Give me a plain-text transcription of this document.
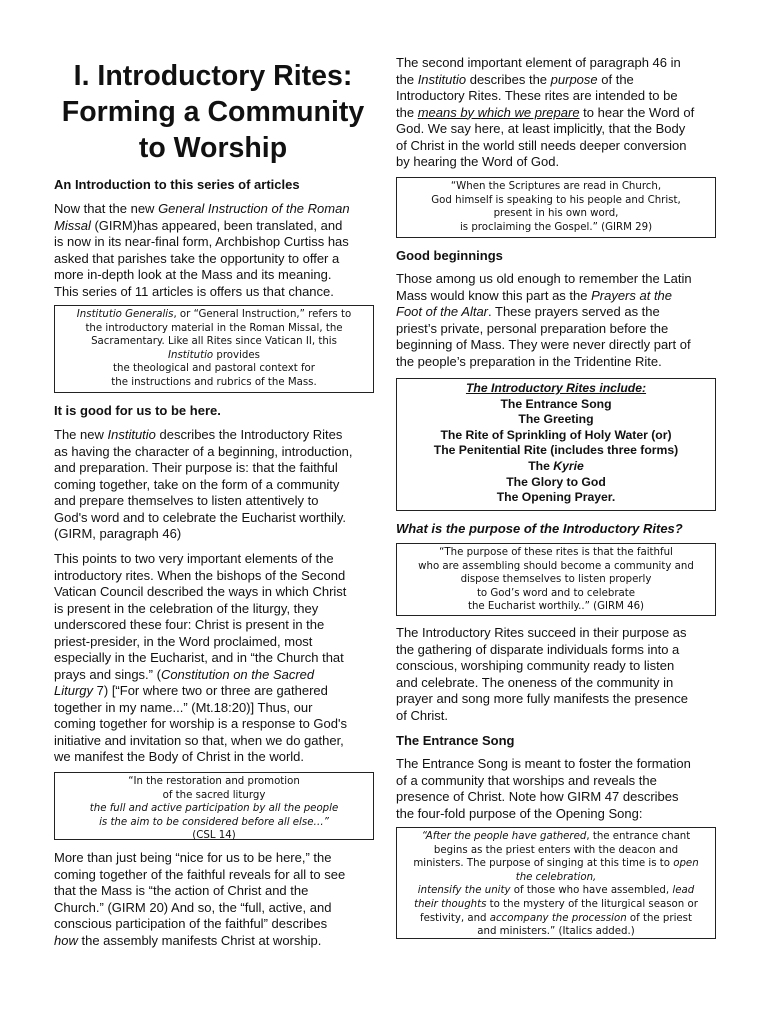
I. Introductory Rites:
Forming a Community
to Worship

An Introduction to this series of articles

Now that the new General Instruction of the Roman
Missal (GIRM)has appeared, been translated, and
is now in its near-final form, Archbishop Curtiss has
asked that parishes take the opportunity to offer a
more in-depth look at the Mass and its meaning.
This series of 11 articles is offers us that chance.

Institutio Generalis, or “General Instruction,” refers to
the introductory material in the Roman Missal, the
Sacramentary. Like all Rites since Vatican II, this
Institutio provides
the theological and pastoral context for
the instructions and rubrics of the Mass.

It is good for us to be here.

The new Institutio describes the Introductory Rites
as having the character of a beginning, introduction,
and preparation. Their purpose is: that the faithful
coming together, take on the form of a community
and prepare themselves to listen attentively to
God's word and to celebrate the Eucharist worthily.
(GIRM, paragraph 46)

This points to two very important elements of the
introductory rites. When the bishops of the Second
Vatican Council described the ways in which Christ
is present in the celebration of the liturgy, they
underscored these four: Christ is present in the
priest-presider, in the Word proclaimed, most
especially in the Eucharist, and in “the Church that
prays and sings.” (Constitution on the Sacred
Liturgy 7) [“For where two or three are gathered
together in my name...” (Mt.18:20)] Thus, our
coming together for worship is a response to God's
initiative and invitation so that, when we do gather,
we manifest the Body of Christ in the world.

“In the restoration and promotion
of the sacred liturgy
the full and active participation by all the people
is the aim to be considered before all else…”
(CSL 14)

More than just being “nice for us to be here,” the
coming together of the faithful reveals for all to see
that the Mass is “the action of Christ and the
Church.” (GIRM 20) And so, the “full, active, and
conscious participation of the faithful” describes
how the assembly manifests Christ at worship.

The second important element of paragraph 46 in
the Institutio describes the purpose of the
Introductory Rites. These rites are intended to be
the means by which we prepare to hear the Word of
God. We say here, at least implicitly, that the Body
of Christ in the world still needs deeper conversion
by hearing the Word of God.

“When the Scriptures are read in Church,
God himself is speaking to his people and Christ,
present in his own word,
is proclaiming the Gospel.” (GIRM 29)

Good beginnings

Those among us old enough to remember the Latin
Mass would know this part as the Prayers at the
Foot of the Altar. These prayers served as the
priest’s private, personal preparation before the
beginning of Mass. They were never directly part of
the people’s preparation in the Tridentine Rite.

The Introductory Rites include:
The Entrance Song
The Greeting
The Rite of Sprinkling of Holy Water (or)
The Penitential Rite (includes three forms)
The Kyrie
The Glory to God
The Opening Prayer.

What is the purpose of the Introductory Rites?

“The purpose of these rites is that the faithful
who are assembling should become a community and
dispose themselves to listen properly
to God’s word and to celebrate
the Eucharist worthily..” (GIRM 46)

The Introductory Rites succeed in their purpose as
the gathering of disparate individuals forms into a
conscious, worshiping community ready to listen
and celebrate. The oneness of the community in
prayer and song more fully manifests the presence
of Christ.

The Entrance Song

The Entrance Song is meant to foster the formation
of a community that worships and reveals the
presence of Christ. Note how GIRM 47 describes
the four-fold purpose of the Opening Song:

“After the people have gathered, the entrance chant
begins as the priest enters with the deacon and
ministers. The purpose of singing at this time is to open
the celebration,
intensify the unity of those who have assembled, lead
their thoughts to the mystery of the liturgical season or
festivity, and accompany the procession of the priest
and ministers.” (Italics added.)
